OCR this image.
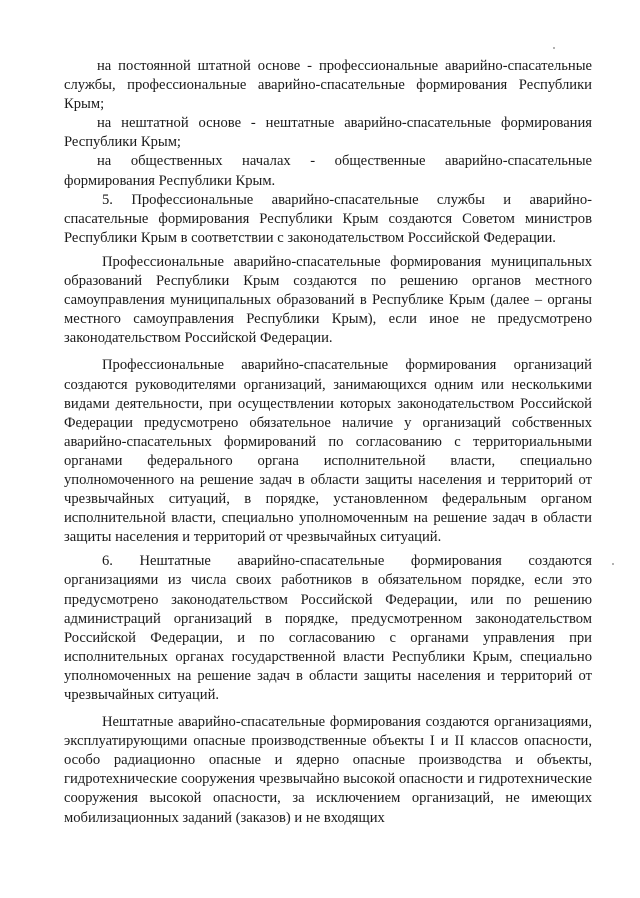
на постоянной штатной основе - профессиональные аварийно-спасательные службы, профессиональные аварийно-спасательные формирования Республики Крым;

на нештатной основе - нештатные аварийно-спасательные формирования Республики Крым;

на общественных началах - общественные аварийно-спасательные формирования Республики Крым.

5. Профессиональные аварийно-спасательные службы и аварийно-спасательные формирования Республики Крым создаются Советом министров Республики Крым в соответствии с законодательством Российской Федерации.

Профессиональные аварийно-спасательные формирования муниципальных образований Республики Крым создаются по решению органов местного самоуправления муниципальных образований в Республике Крым (далее – органы местного самоуправления Республики Крым), если иное не предусмотрено законодательством Российской Федерации.

Профессиональные аварийно-спасательные формирования организаций создаются руководителями организаций, занимающихся одним или несколькими видами деятельности, при осуществлении которых законодательством Российской Федерации предусмотрено обязательное наличие у организаций собственных аварийно-спасательных формирований по согласованию с территориальными органами федерального органа исполнительной власти, специально уполномоченного на решение задач в области защиты населения и территорий от чрезвычайных ситуаций, в порядке, установленном федеральным органом исполнительной власти, специально уполномоченным на решение задач в области защиты населения и территорий от чрезвычайных ситуаций.

6. Нештатные аварийно-спасательные формирования создаются организациями из числа своих работников в обязательном порядке, если это предусмотрено законодательством Российской Федерации, или по решению администраций организаций в порядке, предусмотренном законодательством Российской Федерации, и по согласованию с органами управления при исполнительных органах государственной власти Республики Крым, специально уполномоченных на решение задач в области защиты населения и территорий от чрезвычайных ситуаций.

Нештатные аварийно-спасательные формирования создаются организациями, эксплуатирующими опасные производственные объекты I и II классов опасности, особо радиационно опасные и ядерно опасные производства и объекты, гидротехнические сооружения чрезвычайно высокой опасности и гидротехнические сооружения высокой опасности, за исключением организаций, не имеющих мобилизационных заданий (заказов) и не входящих
